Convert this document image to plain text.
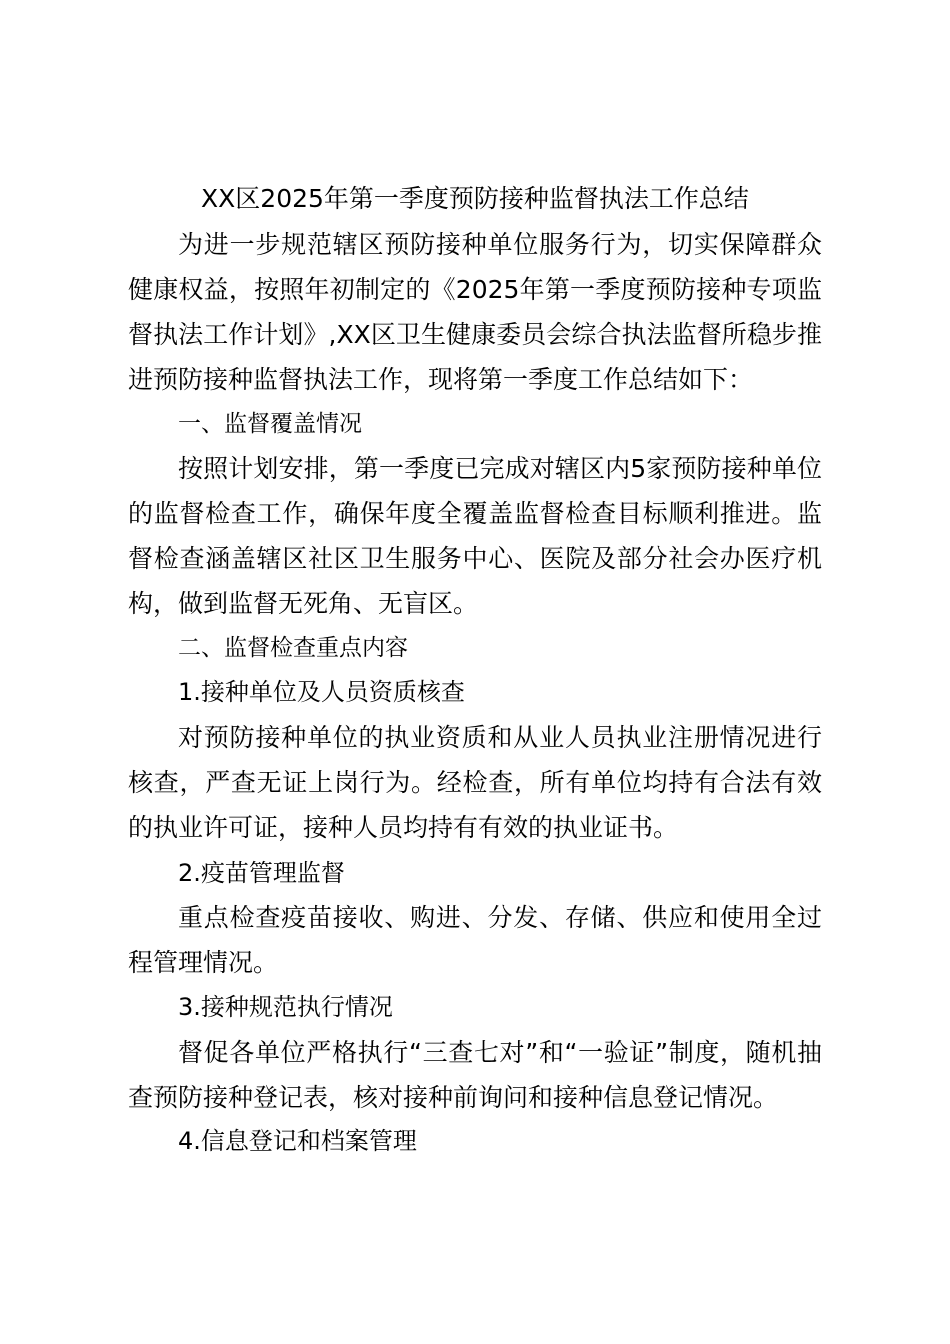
XX区2025年第一季度预防接种监督执法工作总结

为进一步规范辖区预防接种单位服务行为，切实保障群众健康权益，按照年初制定的《2025年第一季度预防接种专项监督执法工作计划》,XX区卫生健康委员会综合执法监督所稳步推进预防接种监督执法工作，现将第一季度工作总结如下：

一、监督覆盖情况

按照计划安排，第一季度已完成对辖区内5家预防接种单位的监督检查工作，确保年度全覆盖监督检查目标顺利推进。监督检查涵盖辖区社区卫生服务中心、医院及部分社会办医疗机构，做到监督无死角、无盲区。

二、监督检查重点内容

1.接种单位及人员资质核查

对预防接种单位的执业资质和从业人员执业注册情况进行核查，严查无证上岗行为。经检查，所有单位均持有合法有效的执业许可证，接种人员均持有有效的执业证书。

2.疫苗管理监督

重点检查疫苗接收、购进、分发、存储、供应和使用全过程管理情况。

3.接种规范执行情况

督促各单位严格执行“三查七对”和“一验证”制度，随机抽查预防接种登记表，核对接种前询问和接种信息登记情况。

4.信息登记和档案管理
